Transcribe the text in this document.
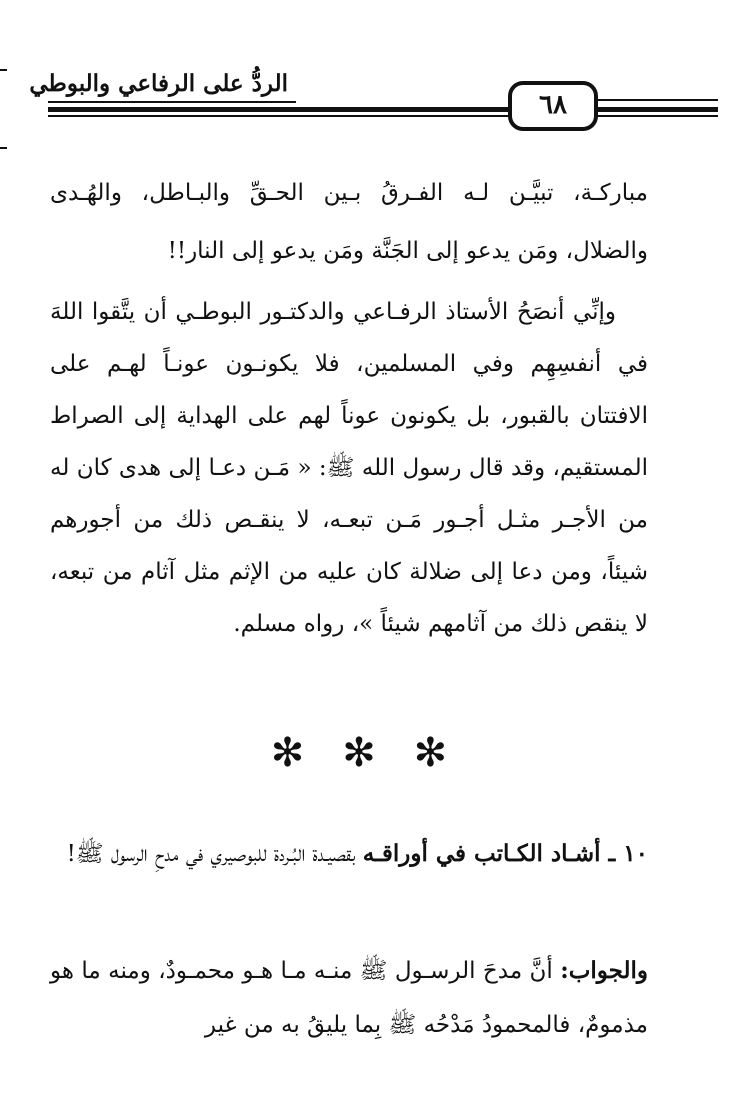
الردُّ على الرفاعي والبوطي
٦٨
مباركـة، تبيَّـن لـه الفـرقُ بـين الحـقِّ والبـاطل، والهُـدى والضلال، ومَن يدعو إلى الجَنَّة ومَن يدعو إلى النار!!
وإنِّي أنصَحُ الأستاذ الرفـاعي والدكتـور البوطـي أن يتَّقوا اللهَ في أنفسِهِم وفي المسلمين، فلا يكونـون عونـاً لهـم على الافتتان بالقبور، بل يكونون عوناً لهم على الهداية إلى الصراط المستقيم، وقد قال رسول الله ﷺ: « مَـن دعـا إلى هدى كان له من الأجـر مثـل أجـور مَـن تبعـه، لا ينقـص ذلك من أجورهم شيئاً، ومن دعا إلى ضلالة كان عليه من الإثم مثل آثام من تبعه، لا ينقص ذلك من آثامهم شيئاً »، رواه مسلم.
✻ ✻ ✻
١٠ ـ أشـاد الكـاتب في أوراقـه بقصيـدة البُـردة للبوصيري في مدحِ الرسول ﷺ!
والجواب: أنَّ مدحَ الرسـول ﷺ منـه مـا هـو محمـودٌ، ومنه ما هو مذمومٌ، فالمحمودُ مَدْحُه ﷺ بِما يليقُ به من غير
